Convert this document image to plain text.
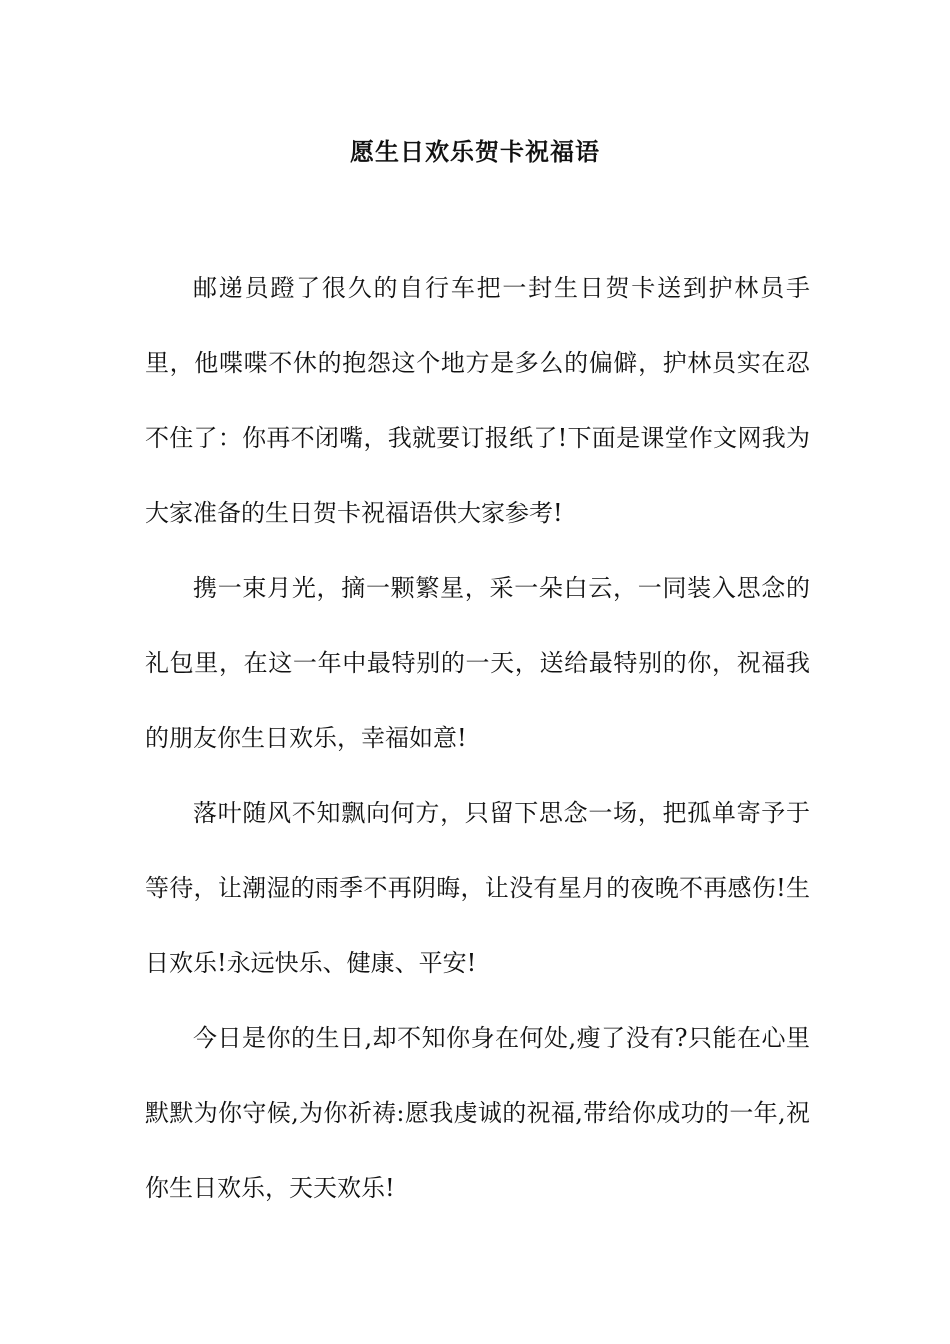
愿生日欢乐贺卡祝福语

邮递员蹬了很久的自行车把一封生日贺卡送到护林员手里，他喋喋不休的抱怨这个地方是多么的偏僻，护林员实在忍不住了：你再不闭嘴，我就要订报纸了!下面是课堂作文网我为大家准备的生日贺卡祝福语供大家参考!

携一束月光，摘一颗繁星，采一朵白云，一同装入思念的礼包里，在这一年中最特别的一天，送给最特别的你，祝福我的朋友你生日欢乐，幸福如意!

落叶随风不知飘向何方，只留下思念一场，把孤单寄予于等待，让潮湿的雨季不再阴晦，让没有星月的夜晚不再感伤!生日欢乐!永远快乐、健康、平安!

今日是你的生日,却不知你身在何处,瘦了没有?只能在心里默默为你守候,为你祈祷:愿我虔诚的祝福,带给你成功的一年,祝你生日欢乐，天天欢乐!
